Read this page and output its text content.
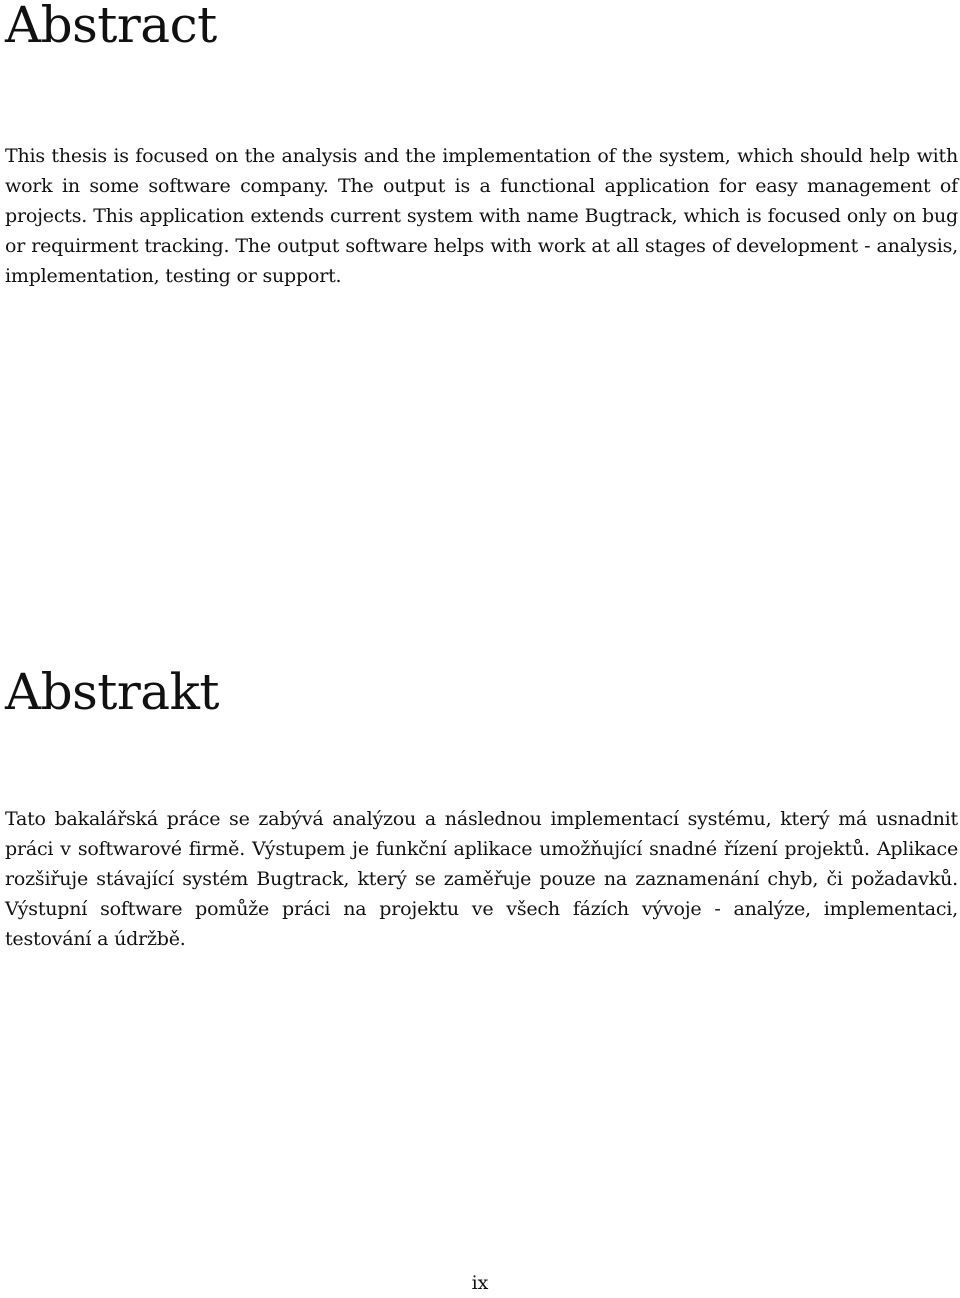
Abstract

This thesis is focused on the analysis and the implementation of the system, which should help with work in some software company. The output is a functional application for easy management of projects. This application extends current system with name Bugtrack, which is focused only on bug or requirment tracking. The output software helps with work at all stages of development - analysis, implementation, testing or support.

Abstrakt

Tato bakalářská práce se zabývá analýzou a následnou implementací systému, který má usnadnit práci v softwarové firmě. Výstupem je funkční aplikace umožňující snadné řízení projektů. Aplikace rozšiřuje stávající systém Bugtrack, který se zaměřuje pouze na zaznamenání chyb, či požadavků. Výstupní software pomůže práci na projektu ve všech fázích vývoje - analýze, implementaci, testování a údržbě.

ix
